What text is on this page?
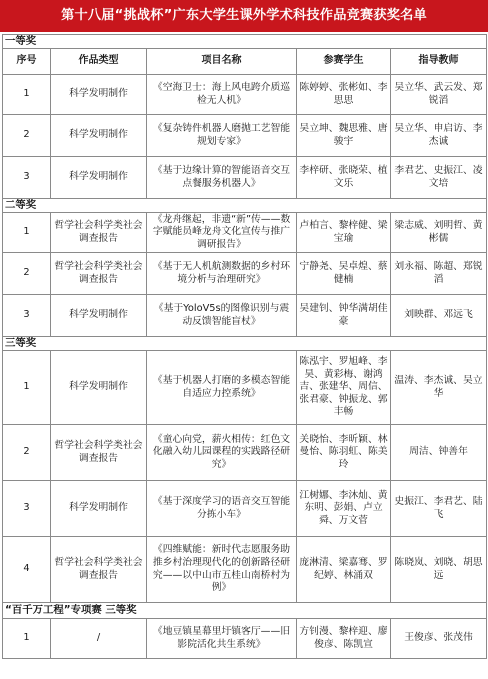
第十八届“挑战杯”广东大学生课外学术科技作品竞赛获奖名单
一等奖				
序号	作品类型	项目名称	参赛学生	指导教师
1	科学发明制作	《空海卫士：海上风电跨介质巡检无人机》	陈婷婷、张彬如、李思思	吴立华、武云发、郑锐滔
2	科学发明制作	《复杂铸件机器人磨抛工艺智能规划专家》	吴立坤、魏思雅、唐骏宇	吴立华、申启访、李杰诚
3	科学发明制作	《基于边缘计算的智能语音交互点餐服务机器人》	李梓研、张晓荣、植文乐	李君艺、史振江、凌文培
二等奖				
1	哲学社会科学类社会调查报告	《龙舟继起，非遗“新”传——数字赋能员峰龙舟文化宣传与推广调研报告》	卢柏言、黎梓健、梁宝瑜	梁志威、刘明哲、黄彬儒
2	哲学社会科学类社会调查报告	《基于无人机航测数据的乡村环境分析与治理研究》	宁静尧、吴卓煌、蔡健楠	刘永福、陈超、郑锐滔
3	科学发明制作	《基于YoloV5s的图像识别与震动反馈智能盲杖》	吴建钊、钟华满胡佳豪	刘映群、邓远飞
三等奖				
1	科学发明制作	《基于机器人打磨的多模态智能自适应力控系统》	陈泓宇、罗旭峰、李昊、黄彩梅、谢鸿吉、张建华、周信、张君豪、钟振龙、郭丰畅	温涛、李杰诚、吴立华
2	哲学社会科学类社会调查报告	《童心向党，薪火相传：红色文化融入幼儿园课程的实践路径研究》	关晓怡、李昕颖、林曼怡、陈羽虹、陈美玲	周洁、钟善年
3	科学发明制作	《基于深度学习的语音交互智能分拣小车》	江树娜、李沐灿、黄东明、彭娟、卢立舜、万文菅	史振江、李君艺、陆飞
4	哲学社会科学类社会调查报告	《四维赋能：新时代志愿服务助推乡村治理现代化的创新路径研究——以中山市五桂山南桥村为例》	庞淋清、梁嘉骞、罗纪婷、林涌双	陈晓岚、刘晓、胡思远
“百千万工程”专项赛 三等奖				
1	/	《地豆镇星幕里圩镇客厅——旧影院活化共生系统》	方钊漫、黎梓迎、廖俊彦、陈凯宣	王俊彦、张茂伟
